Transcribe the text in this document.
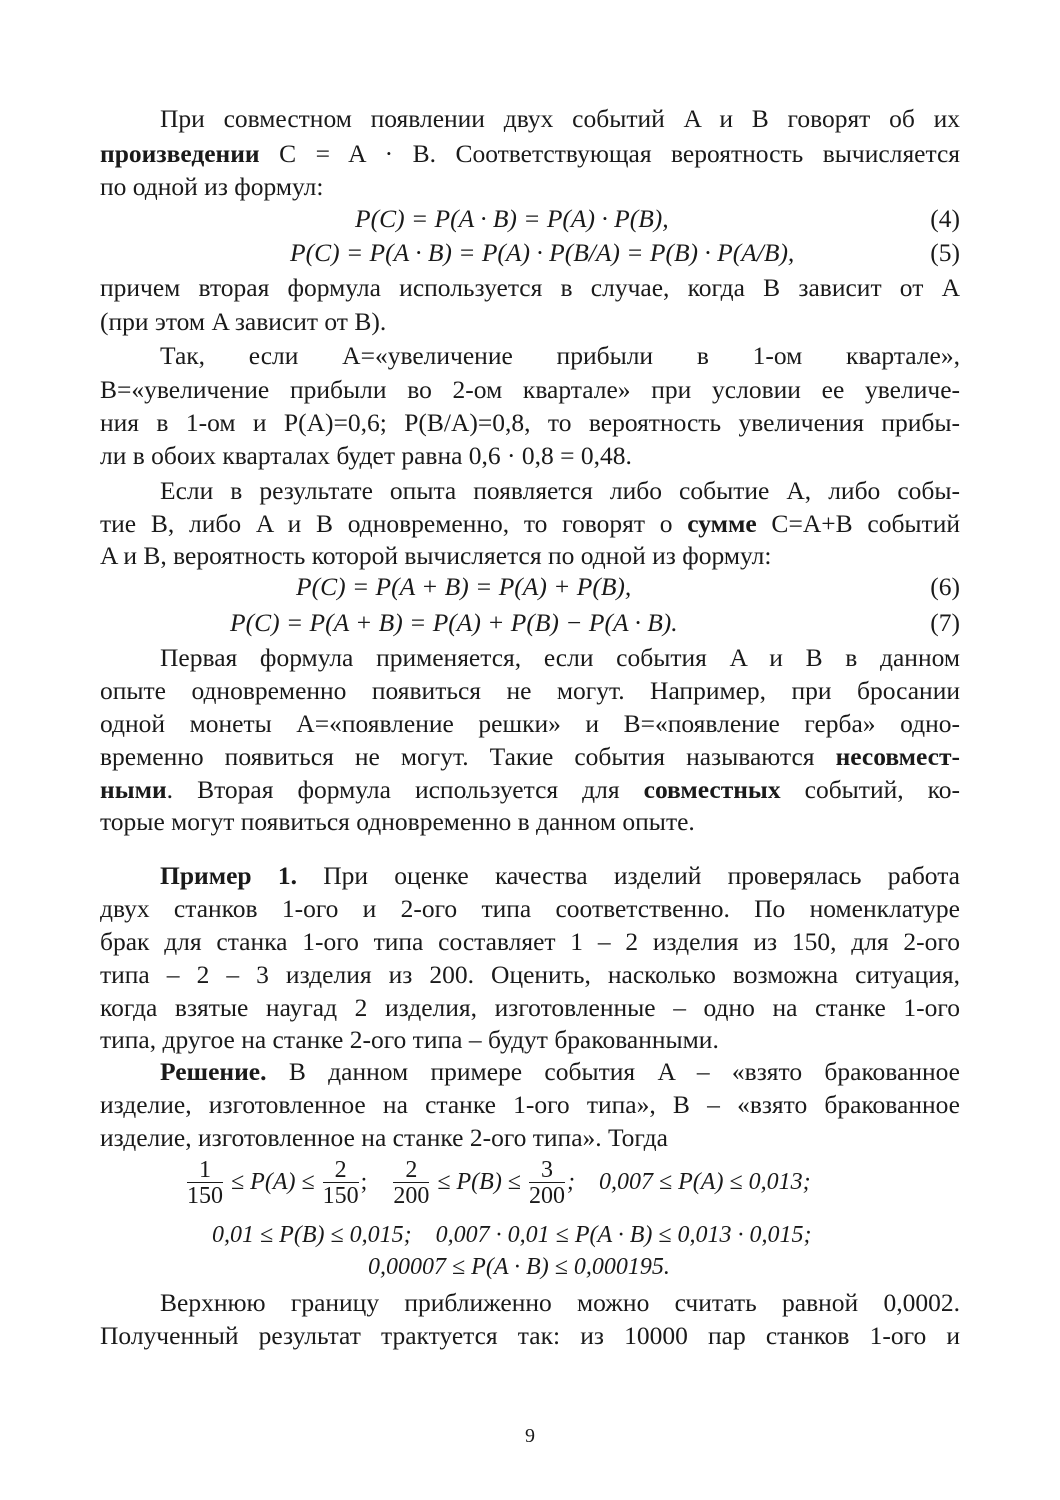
При совместном появлении двух событий A и B говорят об их
произведении C = A · B. Соответствующая вероятность вычисляется
по одной из формул:
P(C) = P(A · B) = P(A) · P(B),	(4)
P(C) = P(A · B) = P(A) · P(B/A) = P(B) · P(A/B),	(5)
причем вторая формула используется в случае, когда B зависит от A
(при этом A зависит от B).
Так, если A=«увеличение прибыли в 1-ом квартале»,
B=«увеличение прибыли во 2-ом квартале» при условии ее увеличе-
ния в 1-ом и P(A)=0,6; P(B/A)=0,8, то вероятность увеличения прибы-
ли в обоих кварталах будет равна 0,6 · 0,8 = 0,48.
Если в результате опыта появляется либо событие A, либо собы-
тие B, либо A и B одновременно, то говорят о сумме C=A+B событий
A и B, вероятность которой вычисляется по одной из формул:
P(C) = P(A + B) = P(A) + P(B),	(6)
P(C) = P(A + B) = P(A) + P(B) − P(A · B).	(7)
Первая формула применяется, если события A и B в данном
опыте одновременно появиться не могут. Например, при бросании
одной монеты A=«появление решки» и B=«появление герба» одно-
временно появиться не могут. Такие события называются несовмест-
ными. Вторая формула используется для совместных событий, ко-
торые могут появиться одновременно в данном опыте.
Пример 1. При оценке качества изделий проверялась работа
двух станков 1-ого и 2-ого типа соответственно. По номенклатуре
брак для станка 1-ого типа составляет 1 – 2 изделия из 150, для 2-ого
типа – 2 – 3 изделия из 200. Оценить, насколько возможна ситуация,
когда взятые наугад 2 изделия, изготовленные – одно на станке 1-ого
типа, другое на станке 2-ого типа – будут бракованными.
Решение. В данном примере события A – «взято бракованное
изделие, изготовленное на станке 1-ого типа», B – «взято бракованное
изделие, изготовленное на станке 2-ого типа». Тогда
$\frac{1}{150} \le P(A) \le \frac{2}{150}$ ; $\frac{2}{200} \le P(B) \le \frac{3}{200}$ ;    0,007 ≤ P(A) ≤ 0,013;
0,01 ≤ P(B) ≤ 0,015;    0,007 · 0,01 ≤ P(A · B) ≤ 0,013 · 0,015;
0,00007 ≤ P(A · B) ≤ 0,000195.
Верхнюю границу приближенно можно считать равной 0,0002.
Полученный результат трактуется так: из 10000 пар станков 1-ого и
9
